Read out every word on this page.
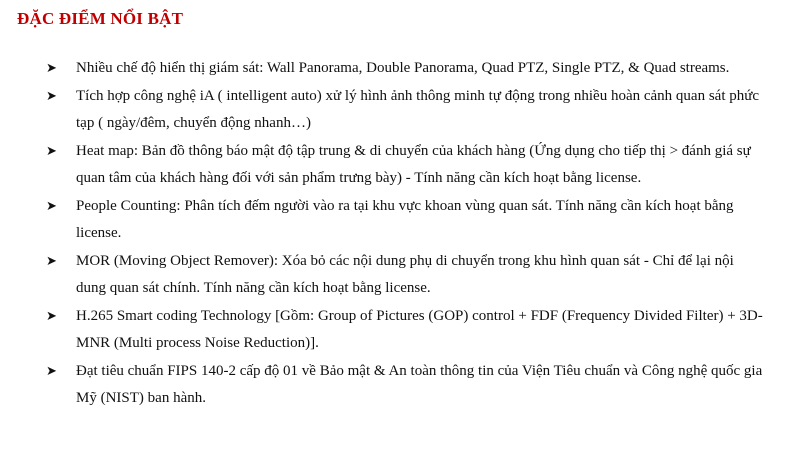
ĐẶC ĐIỂM NỔI BẬT
➤ Nhiều chế độ hiển thị giám sát: Wall Panorama, Double Panorama, Quad PTZ, Single PTZ, & Quad streams.
➤ Tích hợp công nghệ iA ( intelligent auto) xử lý hình ảnh thông minh tự động trong nhiều hoàn cảnh quan sát phức tạp ( ngày/đêm, chuyển động nhanh…)
➤ Heat map: Bản đồ thông báo mật độ tập trung & di chuyển của khách hàng (Ứng dụng cho tiếp thị > đánh giá sự quan tâm của khách hàng đối với sản phẩm trưng bày) - Tính năng cần kích hoạt bằng license.
➤ People Counting: Phân tích đếm người vào ra tại khu vực khoan vùng quan sát. Tính năng cần kích hoạt bằng license.
➤ MOR (Moving Object Remover): Xóa bỏ các nội dung phụ di chuyển trong khu hình quan sát - Chỉ để lại nội dung quan sát chính. Tính năng cần kích hoạt bằng license.
➤ H.265 Smart coding Technology [Gồm: Group of Pictures (GOP) control + FDF (Frequency Divided Filter) + 3D-MNR (Multi process Noise Reduction)].
➤ Đạt tiêu chuẩn FIPS 140-2 cấp độ 01 về Bảo mật & An toàn thông tin của Viện Tiêu chuẩn và Công nghệ quốc gia Mỹ (NIST) ban hành.
